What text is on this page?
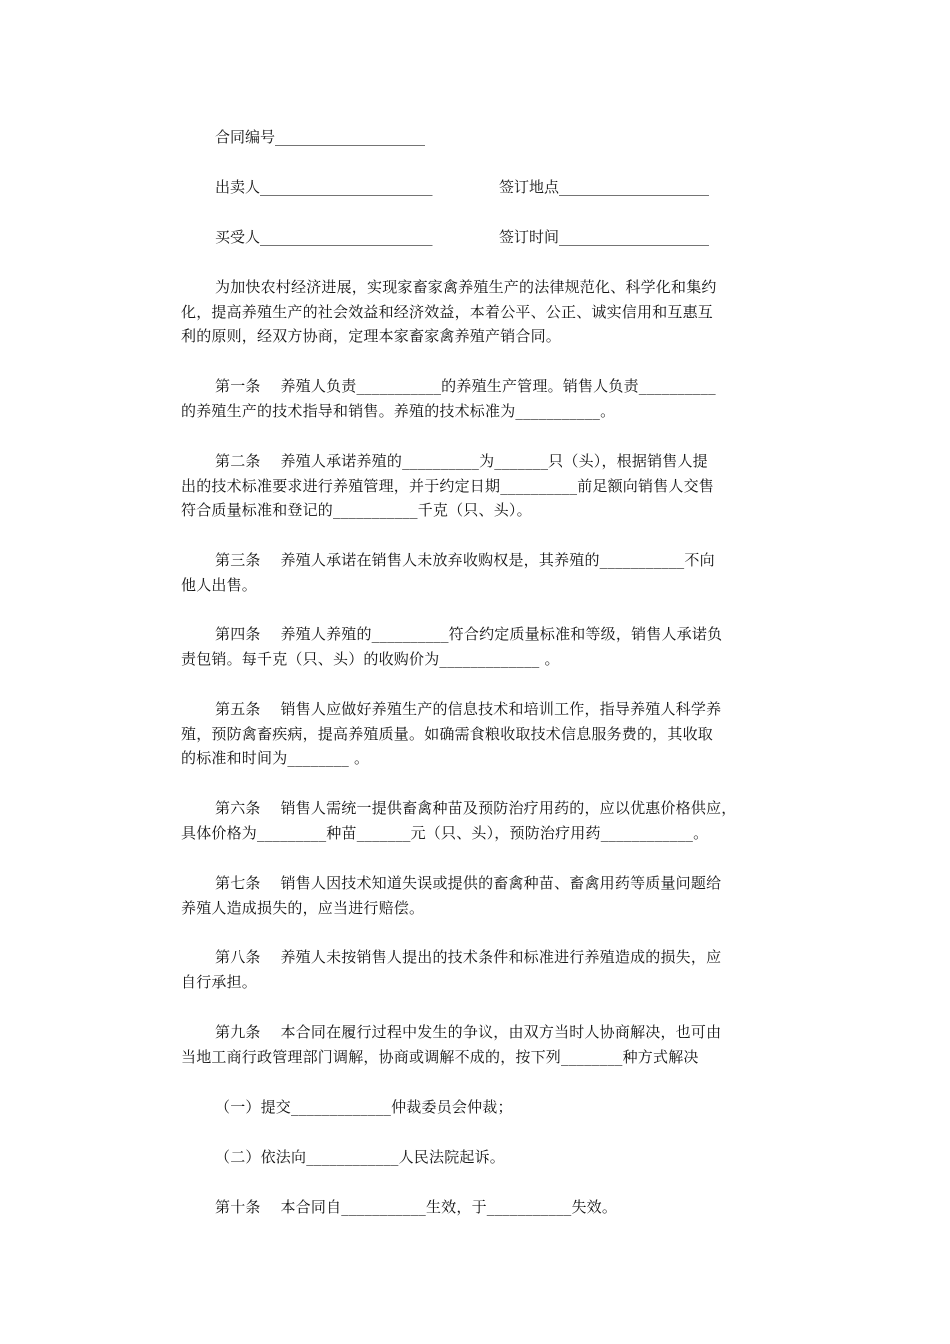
合同编号____________________
出卖人_______________________	签订地点____________________
买受人_______________________	签订时间____________________
为加快农村经济进展，实现家畜家禽养殖生产的法律规范化、科学化和集约
化，提高养殖生产的社会效益和经济效益，本着公平、公正、诚实信用和互惠互
利的原则，经双方协商，定理本家畜家禽养殖产销合同。
第一条    养殖人负责___________的养殖生产管理。销售人负责__________
的养殖生产的技术指导和销售。养殖的技术标准为___________。
第二条    养殖人承诺养殖的__________为_______只（头），根据销售人提
出的技术标准要求进行养殖管理，并于约定日期__________前足额向销售人交售
符合质量标准和登记的___________千克（只、头）。
第三条    养殖人承诺在销售人未放弃收购权是，其养殖的___________不向
他人出售。
第四条    养殖人养殖的__________符合约定质量标准和等级，销售人承诺负
责包销。每千克（只、头）的收购价为_____________ 。
第五条    销售人应做好养殖生产的信息技术和培训工作，指导养殖人科学养
殖，预防禽畜疾病，提高养殖质量。如确需食粮收取技术信息服务费的，其收取
的标准和时间为________ 。
第六条    销售人需统一提供畜禽种苗及预防治疗用药的，应以优惠价格供应，
具体价格为_________种苗_______元（只、头），预防治疗用药____________。
第七条    销售人因技术知道失误或提供的畜禽种苗、畜禽用药等质量问题给
养殖人造成损失的，应当进行赔偿。
第八条    养殖人未按销售人提出的技术条件和标准进行养殖造成的损失，应
自行承担。
第九条    本合同在履行过程中发生的争议，由双方当时人协商解决，也可由
当地工商行政管理部门调解，协商或调解不成的，按下列________种方式解决
（一）提交_____________仲裁委员会仲裁；
（二）依法向____________人民法院起诉。
第十条    本合同自___________生效，于___________失效。
